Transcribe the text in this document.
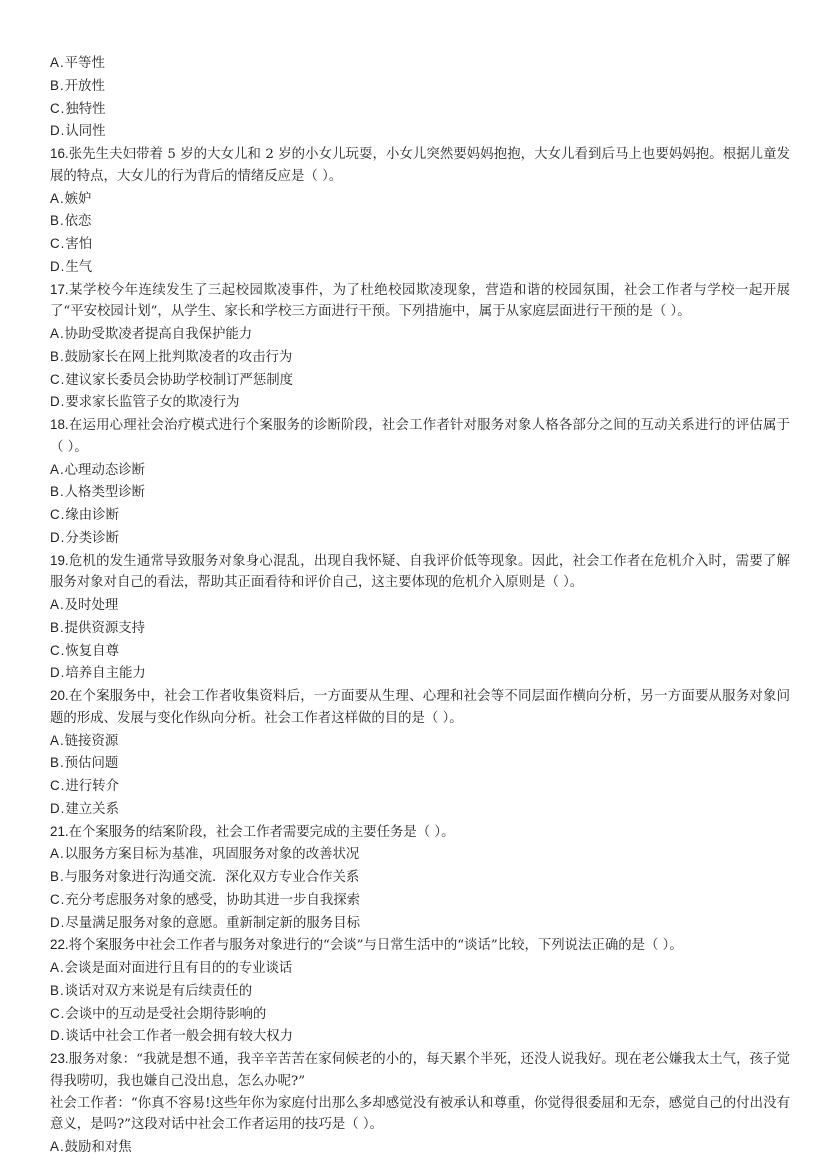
A.平等性
B.开放性
C.独特性
D.认同性
16.张先生夫妇带着 5 岁的大女儿和 2 岁的小女儿玩耍，小女儿突然要妈妈抱抱，大女儿看到后马上也要妈妈抱。根据儿童发展的特点，大女儿的行为背后的情绪反应是（ ）。
A.嫉妒
B.依恋
C.害怕
D.生气
17.某学校今年连续发生了三起校园欺凌事件，为了杜绝校园欺凌现象，营造和谐的校园氛围，社会工作者与学校一起开展了“平安校园计划”，从学生、家长和学校三方面进行干预。下列措施中，属于从家庭层面进行干预的是（ ）。
A.协助受欺凌者提高自我保护能力
B.鼓励家长在网上批判欺凌者的攻击行为
C.建议家长委员会协助学校制订严惩制度
D.要求家长监管子女的欺凌行为
18.在运用心理社会治疗模式进行个案服务的诊断阶段，社会工作者针对服务对象人格各部分之间的互动关系进行的评估属于（ ）。
A.心理动态诊断
B.人格类型诊断
C.缘由诊断
D.分类诊断
19.危机的发生通常导致服务对象身心混乱，出现自我怀疑、自我评价低等现象。因此，社会工作者在危机介入时，需要了解服务对象对自己的看法，帮助其正面看待和评价自己，这主要体现的危机介入原则是（ ）。
A.及时处理
B.提供资源支持
C.恢复自尊
D.培养自主能力
20.在个案服务中，社会工作者收集资料后，一方面要从生理、心理和社会等不同层面作横向分析，另一方面要从服务对象问题的形成、发展与变化作纵向分析。社会工作者这样做的目的是（ ）。
A.链接资源
B.预估问题
C.进行转介
D.建立关系
21.在个案服务的结案阶段，社会工作者需要完成的主要任务是（ ）。
A.以服务方案目标为基准，巩固服务对象的改善状况
B.与服务对象进行沟通交流．深化双方专业合作关系
C.充分考虑服务对象的感受，协助其进一步自我探索
D.尽量满足服务对象的意愿。重新制定新的服务目标
22.将个案服务中社会工作者与服务对象进行的“会谈”与日常生活中的“谈话”比较，下列说法正确的是（ ）。
A.会谈是面对面进行且有目的的专业谈话
B.谈话对双方来说是有后续责任的
C.会谈中的互动是受社会期待影响的
D.谈话中社会工作者一般会拥有较大权力
23.服务对象：“我就是想不通，我辛辛苦苦在家伺候老的小的，每天累个半死，还没人说我好。现在老公嫌我太土气，孩子觉得我唠叨，我也嫌自己没出息，怎么办呢?”
社会工作者：“你真不容易!这些年你为家庭付出那么多却感觉没有被承认和尊重，你觉得很委屈和无奈，感觉自己的付出没有意义，是吗?”这段对话中社会工作者运用的技巧是（ ）。
A.鼓励和对焦
